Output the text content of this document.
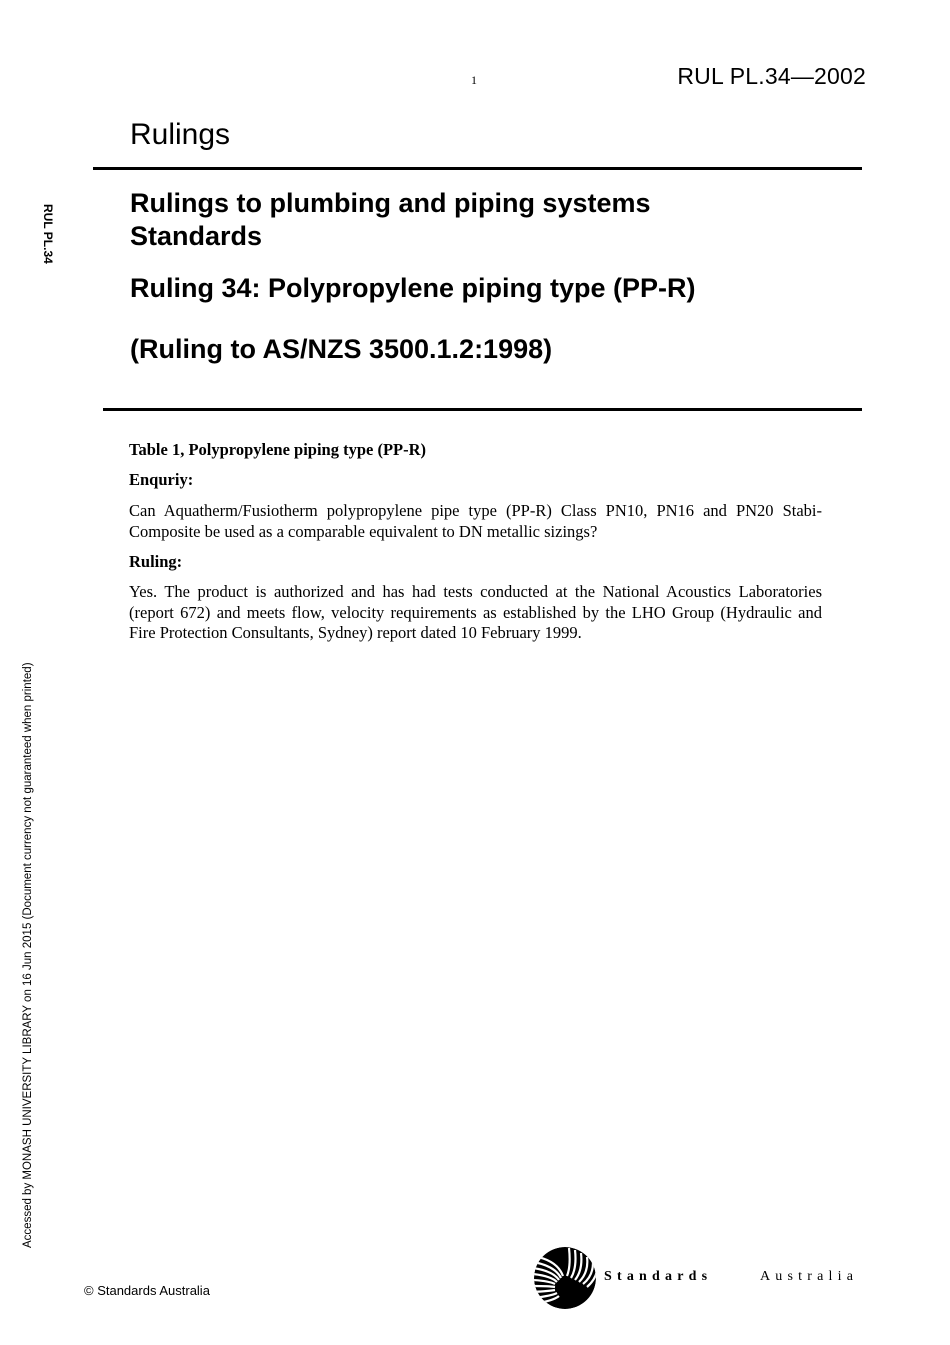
1	RUL PL.34—2002
Rulings
RUL PL.34
Accessed by MONASH UNIVERSITY LIBRARY on 16 Jun 2015 (Document currency not guaranteed when printed)
Rulings to plumbing and piping systems
Standards
Ruling 34: Polypropylene piping type (PP-R)
(Ruling to AS/NZS 3500.1.2:1998)
Table 1, Polypropylene piping type (PP-R)
Enquriy:
Can Aquatherm/Fusiotherm polypropylene pipe type (PP-R) Class PN10, PN16 and PN20 Stabi-Composite be used as a comparable equivalent to DN metallic sizings?
Ruling:
Yes. The product is authorized and has had tests conducted at the National Acoustics Laboratories (report 672) and meets flow, velocity requirements as established by the LHO Group (Hydraulic and Fire Protection Consultants, Sydney) report dated 10 February 1999.
© Standards Australia
Standards	Australia
